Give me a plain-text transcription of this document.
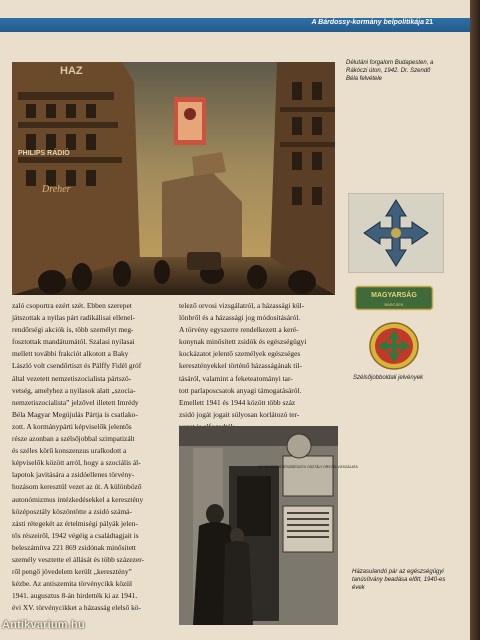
A Bárdossy-kormány belpolitikája 21
HAZ
PHILIPS RÁDIÓ
Dreher
Délutáni forgalom Budapesten, a Rákóczi úton, 1942. Dr. Szendő Béla felvétele
MAGYARSÁG
BARCSEK
Szélsőjobboldali jelvények

zaló csoportra ezért szét. Ebben szerepet

játszottak a nyilas párt radikálisai ellenel-

rendőrségi akciók is, több személyt meg-

fosztottak mandátumától. Szalasi nyilasai

mellett további frakciót alkotott a Baky

László volt csendőrtiszt és Pálffy Fidél gróf

által vezetett nemzetiszocialista pártszö-

vetség, amelyhez a nyilasok alatt „szocia-

nemzetiszocialista” jelzővel illetett Imrédy

Béla Magyar Megújulás Pártja is csatlako-

zott. A kormánypárti képviselők jelentős

része azonban a szélsőjobbal szimpatizált

és széles körű konszenzus uralkodott a

képviselők között arról, hogy a szociális ál-

lapotok javítására a zsidóellenes törvény-

hozásom keresztül vezet az út. A különböző

autonómizmus intézkedésekkel a keresztény

középosztály köszöntötte a zsidó számá-

zásti rétegekét az értelmiségi pályák jelen-

tős részeiről, 1942 végéig a családtagjait is

beleszámítva 221 869 zsidónak minősített

személy vesztette el állását és több százezer-

ről pengő jövedelem került „keresztény”

kézbe. Az antiszemita törvénycikk közül

1941. augusztus 8-án hirdették ki az 1941.

évi XV. törvénycikket a házasság elelső kö-

telező orvosi vizsgálatról, a házassági kül-

lönbről és a házassági jog módosításáról.

A törvény egyszerre rendelkezett a keré-

konynak minősített zsidók és egészségügyi

kockázatot jelentő személyek egészséges

keresztényekkel történő házasságának til-

tásáról, valamint a feketeatományi tar-

tott parlaposcsatok anyagi támogatásáról.

Emellett 1941 és 1944 között több száz

zsidó jogát jogait súlyosan korlátozó ter-

AZ ÜGYÉSZI EGÉSZSÉGÜGYI OSZTÁLY ORVOSI VIZSGÁLATA
Házasulandó pár az egészségügyi tanúsítvány beadása előtt, 1940-es évek
Antikvarium.hu
